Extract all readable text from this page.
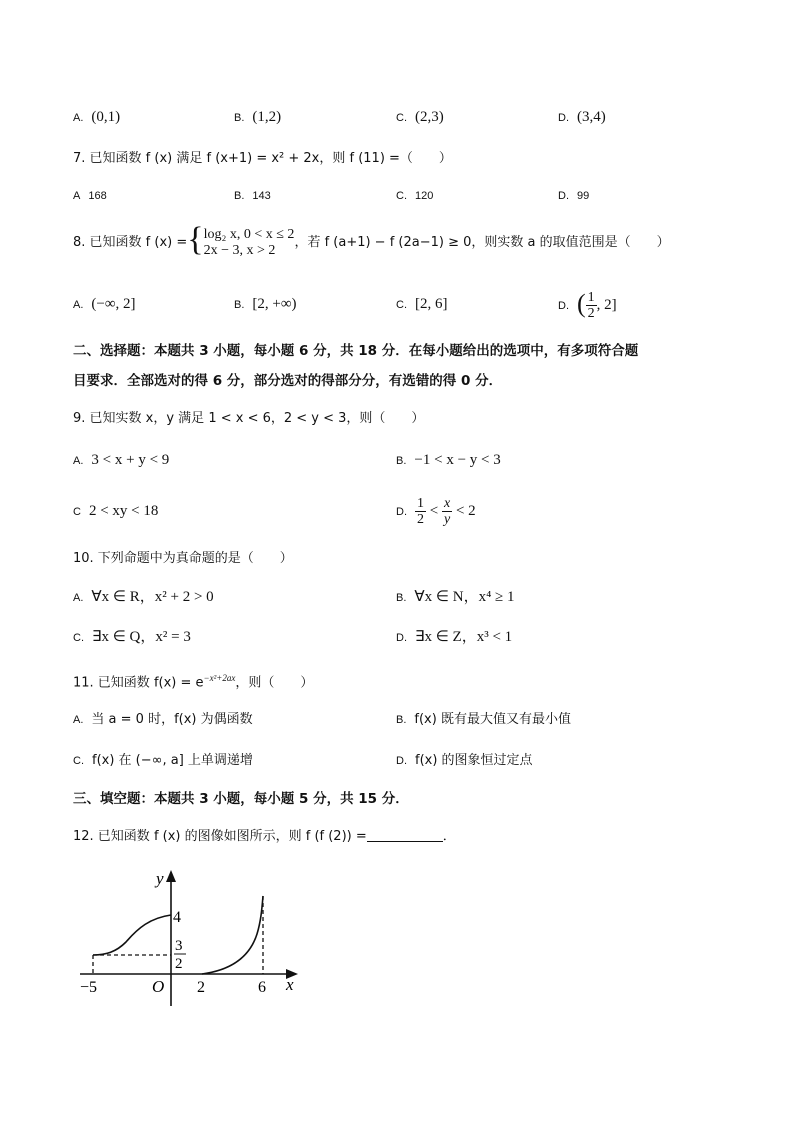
A. (0,1)	B. (1,2)	C. (2,3)	D. (3,4)
7. 已知函数 f (x) 满足 f (x+1) = x² + 2x，则 f (11) =（　　）
A 168	B. 143	C. 120	D. 99
8. 已知函数 f (x) ={ log₂ x, 0 < x ≤ 2
2x − 3, x > 2	，若 f (a+1) − f (2a−1) ≥ 0，则实数 a 的取值范围是（　　）
A. (−∞, 2]	B. [2, +∞)	C. [2, 6]	D. ( $\frac{1}{2}$ , 2]
二、选择题：本题共 3 小题，每小题 6 分，共 18 分．在每小题给出的选项中，有多项符合题
目要求．全部选对的得 6 分，部分选对的得部分分，有选错的得 0 分．
9. 已知实数 x，y 满足 1 < x < 6，2 < y < 3，则（　　）
A. 3 < x + y < 9	B. −1 < x − y < 3
C 2 < xy < 18	D. $\frac{1}{2} < \frac{x}{y} < 2$
10. 下列命题中为真命题的是（　　）
A. ∀x ∈ R，x² + 2 > 0	B. ∀x ∈ N，x⁴ ≥ 1
C. ∃x ∈ Q，x² = 3	D. ∃x ∈ Z，x³ < 1
11. 已知函数 $f(x) = e^{-x^2+2ax}$，则（　　）
A. 当 a = 0 时，f(x) 为偶函数	B. f(x) 既有最大值又有最小值
C. f(x) 在 (−∞, a] 上单调递增	D. f(x) 的图象恒过定点
三、填空题：本题共 3 小题，每小题 5 分，共 15 分．
12. 已知函数 f (x) 的图像如图所示，则 f (f (2)) =	．
y
x
O
4
3
2
−5	2	6
